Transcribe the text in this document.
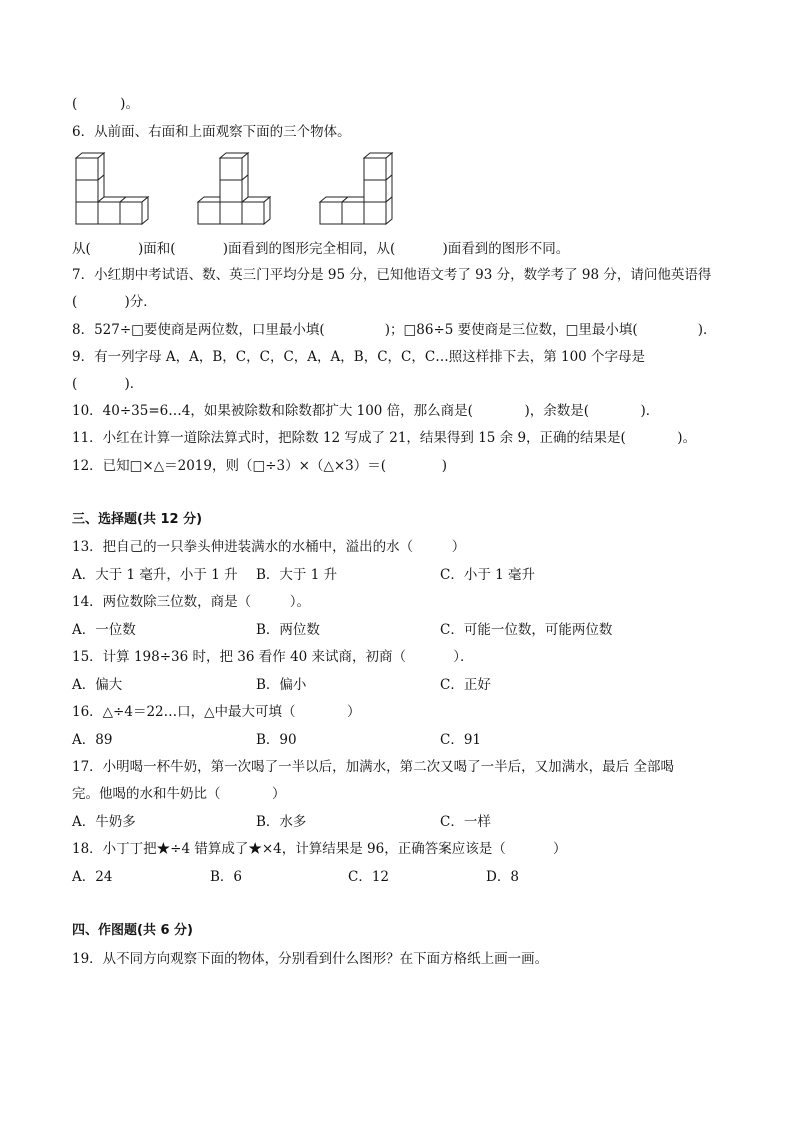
(          )。
6．从前面、右面和上面观察下面的三个物体。
从(           )面和(           )面看到的图形完全相同，从(           )面看到的图形不同。
7．小红期中考试语、数、英三门平均分是 95 分，已知他语文考了 93 分，数学考了 98 分，请问他英语得
(           )分．
8．527÷□要使商是两位数，口里最小填(              )；□86÷5 要使商是三位数，□里最小填(              )．
9．有一列字母 A，A，B，C，C，C，A，A，B，C，C，C…照这样排下去，第 100 个字母是
(           )．
10．40÷35=6…4，如果被除数和除数都扩大 100 倍，那么商是(            )，余数是(            )．
11．小红在计算一道除法算式时，把除数 12 写成了 21，结果得到 15 余 9，正确的结果是(            )。
12．已知□×△＝2019，则（□÷3）×（△×3）＝(             )
三、选择题(共 12 分)
13．把自己的一只拳头伸进装满水的水桶中，溢出的水（         ）
A．大于 1 毫升，小于 1 升 B．大于 1 升	C．小于 1 毫升
14．两位数除三位数，商是（         ）。
A．一位数	B．两位数	C．可能一位数，可能两位数
15．计算 198÷36 时，把 36 看作 40 来试商，初商（           ）．
A．偏大	B．偏小	C．正好
16．△÷4＝22…口，△中最大可填（            ）
A．89	B．90	C．91
17．小明喝一杯牛奶，第一次喝了一半以后，加满水，第二次又喝了一半后，又加满水，最后 全部喝
完。他喝的水和牛奶比（            ）
A．牛奶多	B．水多	C．一样
18．小丁丁把★÷4 错算成了★×4，计算结果是 96，正确答案应该是（           ）
A．24	B．6	C．12	D．8
四、作图题(共 6 分)
19．从不同方向观察下面的物体，分别看到什么图形？在下面方格纸上画一画。
